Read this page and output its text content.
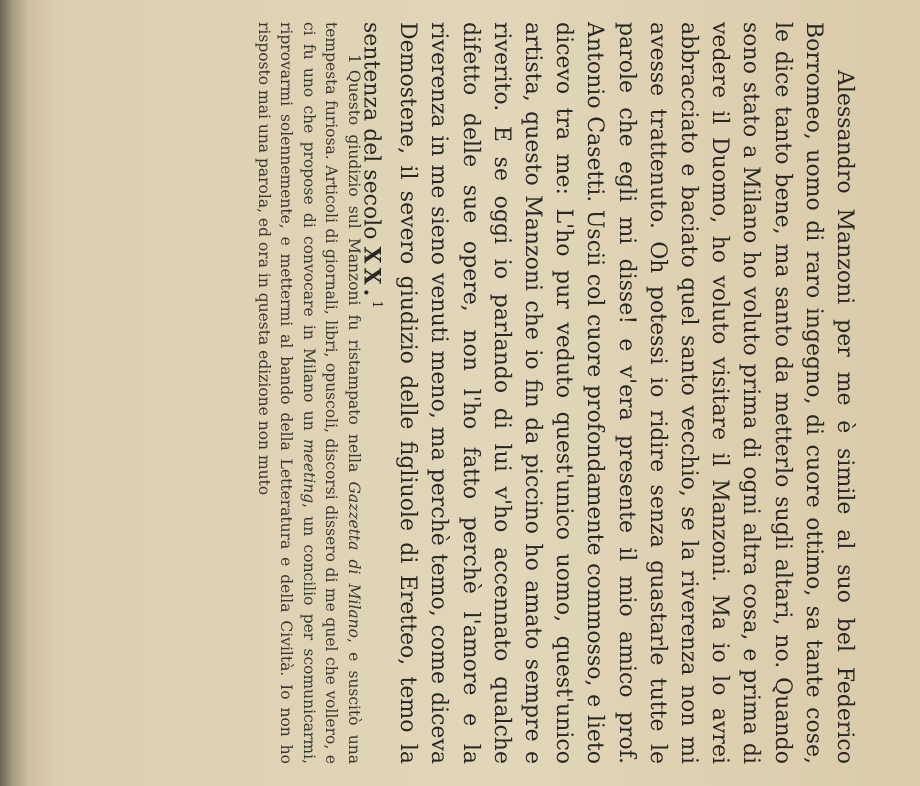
Alessandro Manzoni per me è simile al suo bel Federico Borromeo, uomo di raro ingegno, di cuore ottimo, sa tante cose, le dice tanto bene, ma santo da metterlo sugli altari, no. Quando sono stato a Milano ho voluto prima di ogni altra cosa, e prima di vedere il Duomo, ho voluto visitare il Manzoni. Ma io lo avrei abbracciato e baciato quel santo vecchio, se la riverenza non mi avesse trattenuto. Oh potessi io ridire senza guastarle tutte le parole che egli mi disse! e v'era presente il mio amico prof. Antonio Casetti. Uscii col cuore profondamente commosso, e lieto dicevo tra me: L'ho pur veduto quest'unico uomo, quest'unico artista, questo Manzoni che io fin da piccino ho amato sempre e riverito. E se oggi io parlando di lui v'ho accennato qualche difetto delle sue opere, non l'ho fatto perchè l'amore e la riverenza in me sieno venuti meno, ma perchè temo, come diceva Demostene, il severo giudizio delle figliuole di Eretteo, temo la sentenza del secolo XX.$^1$

1Questo giudizio sul Manzoni fu ristampato nella Gazzetta di Milano, e suscitò una tempesta furiosa. Articoli di giornali, libri, opuscoli, discorsi dissero di me quel che vollero, e ci fu uno che propose di convocare in Milano un meeting, un concilio per scomunicarmi, riprovarmi solennemente, e mettermi al bando della Letteratura e della Civiltà. Io non ho risposto mai una parola, ed ora in questa edizione non muto
